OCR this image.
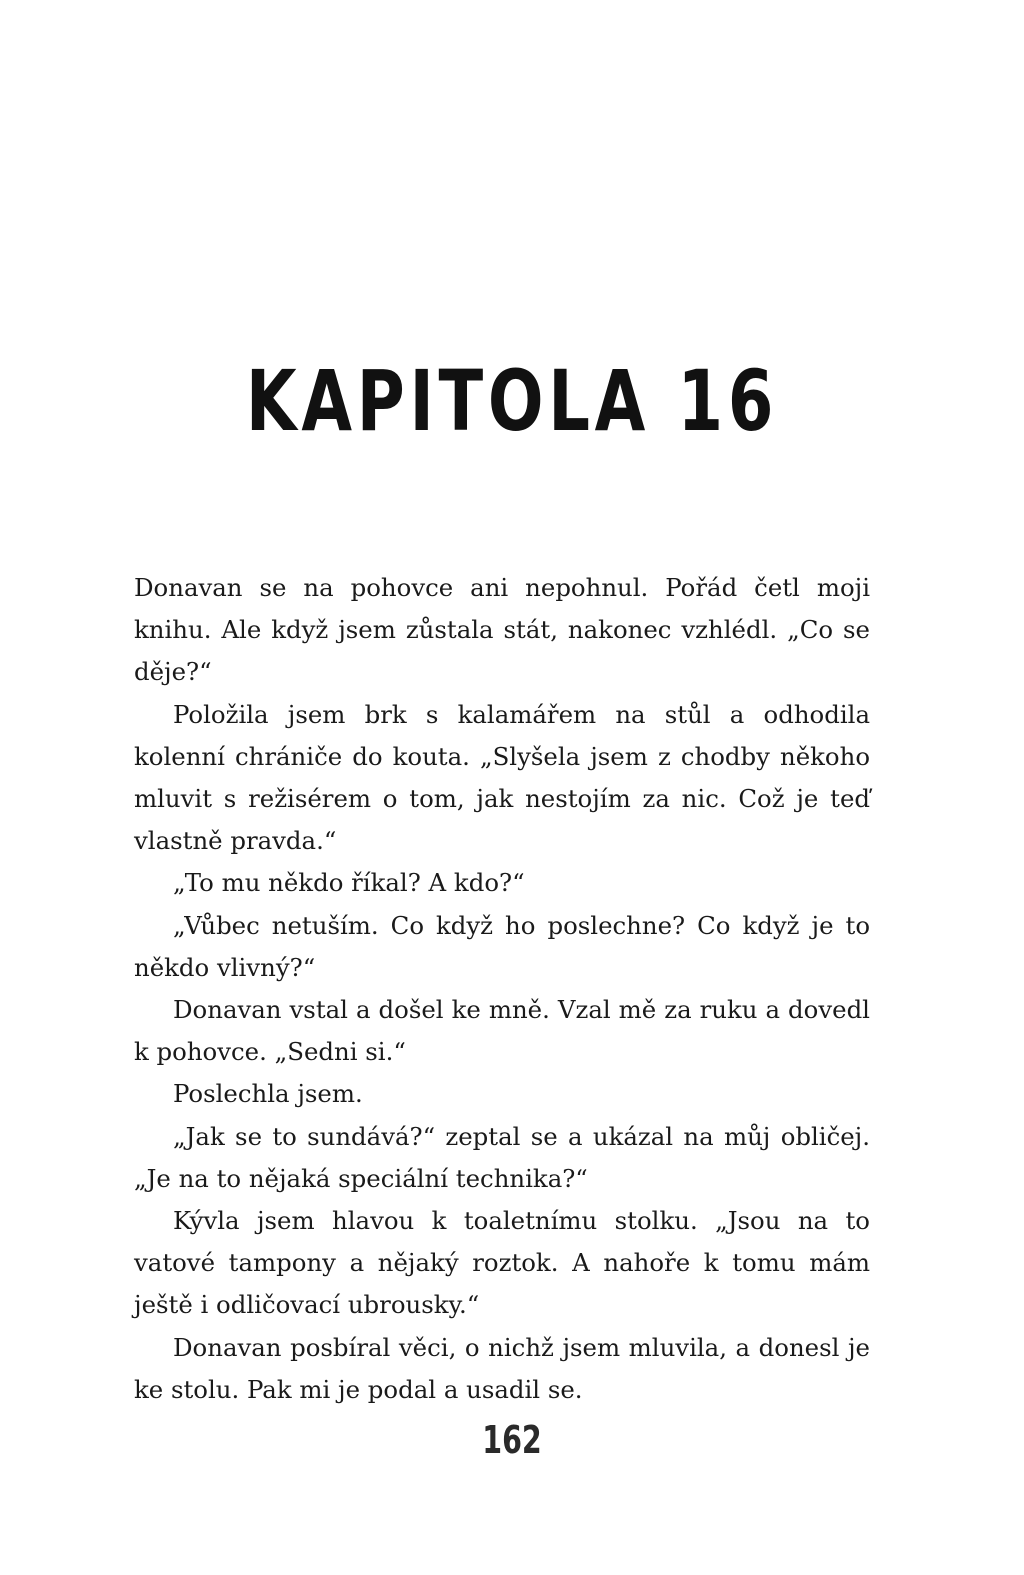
KAPITOLA 16

Donavan se na pohovce ani nepohnul. Pořád četl moji knihu. Ale když jsem zůstala stát, nakonec vzhlédl. „Co se děje?“

Položila jsem brk s kalamářem na stůl a odhodila kolenní chrániče do kouta. „Slyšela jsem z chodby někoho mluvit s režisérem o tom, jak nestojím za nic. Což je teď vlastně pravda.“

„To mu někdo říkal? A kdo?“

„Vůbec netuším. Co když ho poslechne? Co když je to někdo vlivný?“

Donavan vstal a došel ke mně. Vzal mě za ruku a dovedl k pohovce. „Sedni si.“

Poslechla jsem.

„Jak se to sundává?“ zeptal se a ukázal na můj obličej. „Je na to nějaká speciální technika?“

Kývla jsem hlavou k toaletnímu stolku. „Jsou na to vatové tampony a nějaký roztok. A nahoře k tomu mám ještě i odličovací ubrousky.“

Donavan posbíral věci, o nichž jsem mluvila, a donesl je ke stolu. Pak mi je podal a usadil se.

162
